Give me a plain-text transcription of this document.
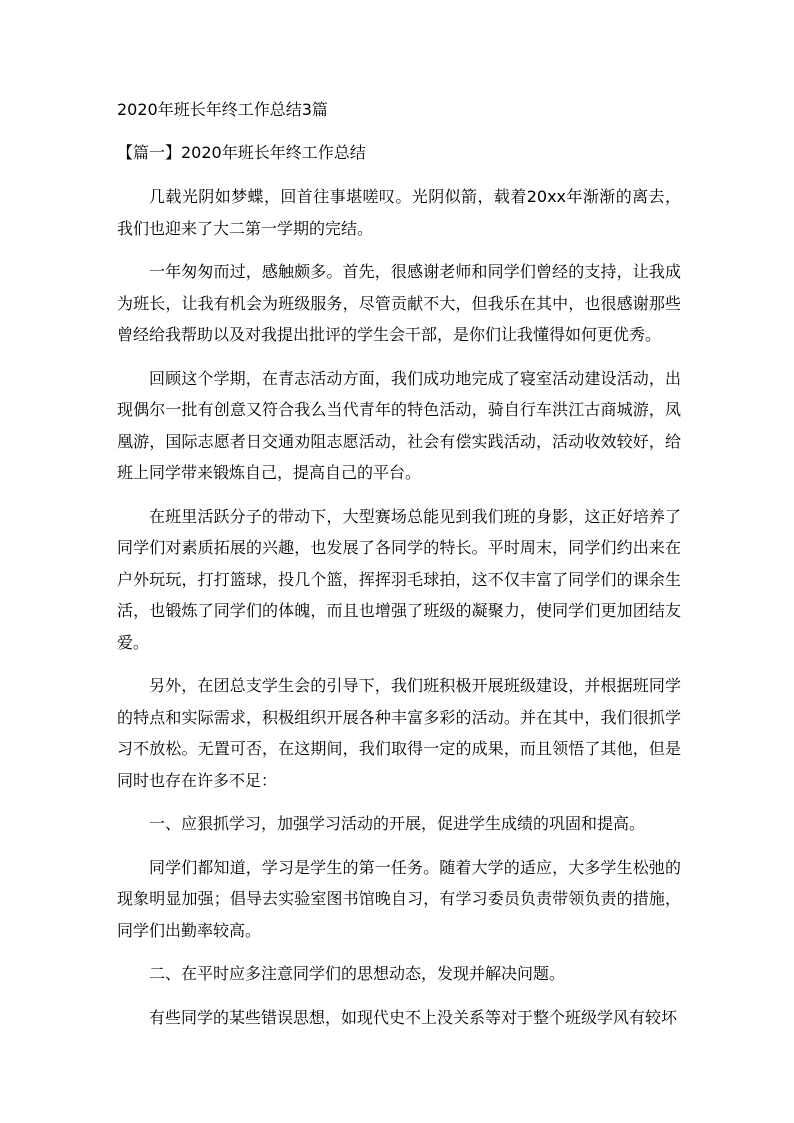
2020年班长年终工作总结3篇

【篇一】2020年班长年终工作总结

几载光阴如梦蝶，回首往事堪嗟叹。光阴似箭，载着20xx年渐渐的离去，我们也迎来了大二第一学期的完结。

一年匆匆而过，感触颇多。首先，很感谢老师和同学们曾经的支持，让我成为班长，让我有机会为班级服务，尽管贡献不大，但我乐在其中，也很感谢那些曾经给我帮助以及对我提出批评的学生会干部，是你们让我懂得如何更优秀。

回顾这个学期，在青志活动方面，我们成功地完成了寝室活动建设活动，出现偶尔一批有创意又符合我么当代青年的特色活动，骑自行车洪江古商城游，凤凰游，国际志愿者日交通劝阻志愿活动，社会有偿实践活动，活动收效较好，给班上同学带来锻炼自己，提高自己的平台。

在班里活跃分子的带动下，大型赛场总能见到我们班的身影，这正好培养了同学们对素质拓展的兴趣，也发展了各同学的特长。平时周末，同学们约出来在户外玩玩，打打篮球，投几个篮，挥挥羽毛球拍，这不仅丰富了同学们的课余生活，也锻炼了同学们的体魄，而且也增强了班级的凝聚力，使同学们更加团结友爱。

另外，在团总支学生会的引导下，我们班积极开展班级建设，并根据班同学的特点和实际需求，积极组织开展各种丰富多彩的活动。并在其中，我们很抓学习不放松。无置可否，在这期间，我们取得一定的成果，而且领悟了其他，但是同时也存在许多不足：

一、应狠抓学习，加强学习活动的开展，促进学生成绩的巩固和提高。

同学们都知道，学习是学生的第一任务。随着大学的适应，大多学生松弛的现象明显加强；倡导去实验室图书馆晚自习，有学习委员负责带领负责的措施，同学们出勤率较高。

二、在平时应多注意同学们的思想动态，发现并解决问题。

有些同学的某些错误思想，如现代史不上没关系等对于整个班级学风有较坏
